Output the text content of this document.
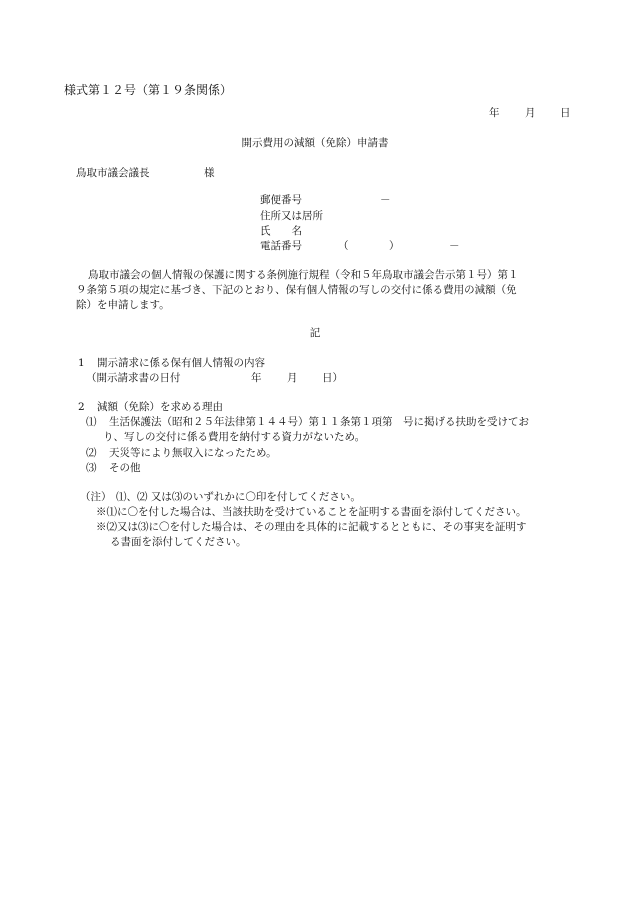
様式第１２号（第１９条関係）
年 月 日
開示費用の減額（免除）申請書
鳥取市議会議長	様
郵便番号	－
住所又は居所
氏　　名
電話番号	（	）	－
鳥取市議会の個人情報の保護に関する条例施行規程（令和５年鳥取市議会告示第１号）第１
９条第５項の規定に基づき、下記のとおり、保有個人情報の写しの交付に係る費用の減額（免
除）を申請します。
記
1 開示請求に係る保有個人情報の内容
（開示請求書の日付	年 月 日）
2 減額（免除）を求める理由
⑴ 生活保護法（昭和２５年法律第１４４号）第１１条第１項第　号に掲げる扶助を受けてお
り、写しの交付に係る費用を納付する資力がないため。
⑵ 天災等により無収入になったため。
⑶ その他
（注） ⑴、⑵ 又は⑶のいずれかに〇印を付してください。
※⑴に〇を付した場合は、当該扶助を受けていることを証明する書面を添付してください。
※⑵又は⑶に〇を付した場合は、その理由を具体的に記載するとともに、その事実を証明す
る書面を添付してください。
